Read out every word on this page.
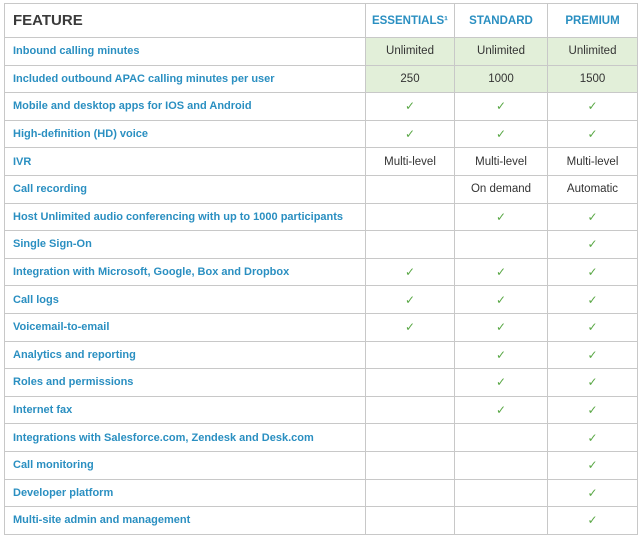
FEATURE	ESSENTIALS¹	STANDARD	PREMIUM
Inbound calling minutes	Unlimited	Unlimited	Unlimited
Included outbound APAC calling minutes per user	250	1000	1500
Mobile and desktop apps for IOS and Android	✓	✓	✓
High-definition (HD) voice	✓	✓	✓
IVR	Multi-level	Multi-level	Multi-level
Call recording		On demand	Automatic
Host Unlimited audio conferencing with up to 1000 participants		✓	✓
Single Sign-On			✓
Integration with Microsoft, Google, Box and Dropbox	✓	✓	✓
Call logs	✓	✓	✓
Voicemail-to-email	✓	✓	✓
Analytics and reporting		✓	✓
Roles and permissions		✓	✓
Internet fax		✓	✓
Integrations with Salesforce.com, Zendesk and Desk.com			✓
Call monitoring			✓
Developer platform			✓
Multi-site admin and management			✓
